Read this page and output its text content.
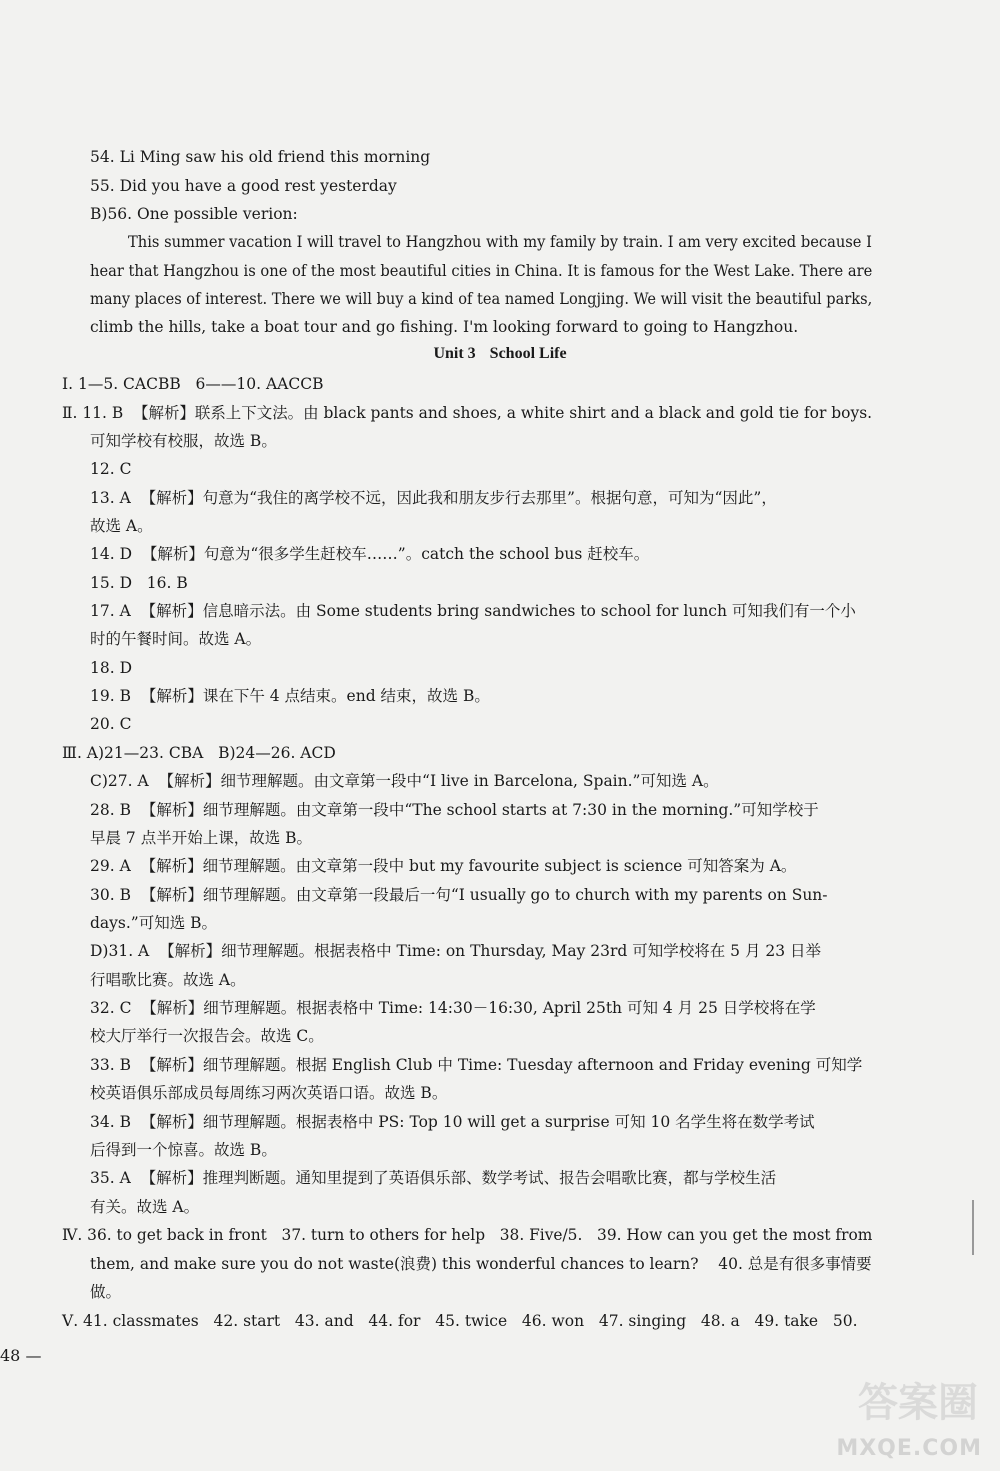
54. Li Ming saw his old friend this morning
55. Did you have a good rest yesterday
B)56. One possible verion:
This summer vacation I will travel to Hangzhou with my family by train. I am very excited because I
hear that Hangzhou is one of the most beautiful cities in China. It is famous for the West Lake. There are
many places of interest. There we will buy a kind of tea named Longjing. We will visit the beautiful parks,
climb the hills, take a boat tour and go fishing. I'm looking forward to going to Hangzhou.
Ⅰ. 1—5. CACBB   6——10. AACCB
Ⅱ. 11. B  【解析】联系上下文法。由 black pants and shoes, a white shirt and a black and gold tie for boys.
可知学校有校服，故选 B。
12. C
13. A  【解析】句意为“我住的离学校不远，因此我和朋友步行去那里”。根据句意，可知为“因此”，
故选 A。
14. D  【解析】句意为“很多学生赶校车……”。catch the school bus 赶校车。
15. D   16. B
17. A  【解析】信息暗示法。由 Some students bring sandwiches to school for lunch 可知我们有一个小
时的午餐时间。故选 A。
18. D
19. B  【解析】课在下午 4 点结束。end 结束，故选 B。
20. C
Ⅲ. A)21—23. CBA   B)24—26. ACD
C)27. A  【解析】细节理解题。由文章第一段中“I live in Barcelona, Spain.”可知选 A。
28. B  【解析】细节理解题。由文章第一段中“The school starts at 7:30 in the morning.”可知学校于
早晨 7 点半开始上课，故选 B。
29. A  【解析】细节理解题。由文章第一段中 but my favourite subject is science 可知答案为 A。
30. B  【解析】细节理解题。由文章第一段最后一句“I usually go to church with my parents on Sun-
days.”可知选 B。
D)31. A  【解析】细节理解题。根据表格中 Time: on Thursday, May 23rd 可知学校将在 5 月 23 日举
行唱歌比赛。故选 A。
32. C  【解析】细节理解题。根据表格中 Time: 14:30－16:30, April 25th 可知 4 月 25 日学校将在学
校大厅举行一次报告会。故选 C。
33. B  【解析】细节理解题。根据 English Club 中 Time: Tuesday afternoon and Friday evening 可知学
校英语俱乐部成员每周练习两次英语口语。故选 B。
34. B  【解析】细节理解题。根据表格中 PS: Top 10 will get a surprise 可知 10 名学生将在数学考试
后得到一个惊喜。故选 B。
35. A  【解析】推理判断题。通知里提到了英语俱乐部、数学考试、报告会唱歌比赛，都与学校生活
有关。故选 A。
Ⅳ. 36. to get back in front   37. turn to others for help   38. Five/5.   39. How can you get the most from
them, and make sure you do not waste(浪费) this wonderful chances to learn?    40. 总是有很多事情要
做。
Ⅴ. 41. classmates   42. start   43. and   44. for   45. twice   46. won   47. singing   48. a   49. take   50.
Unit 3 School Life
48 —
答案圈
MXQE.COM
